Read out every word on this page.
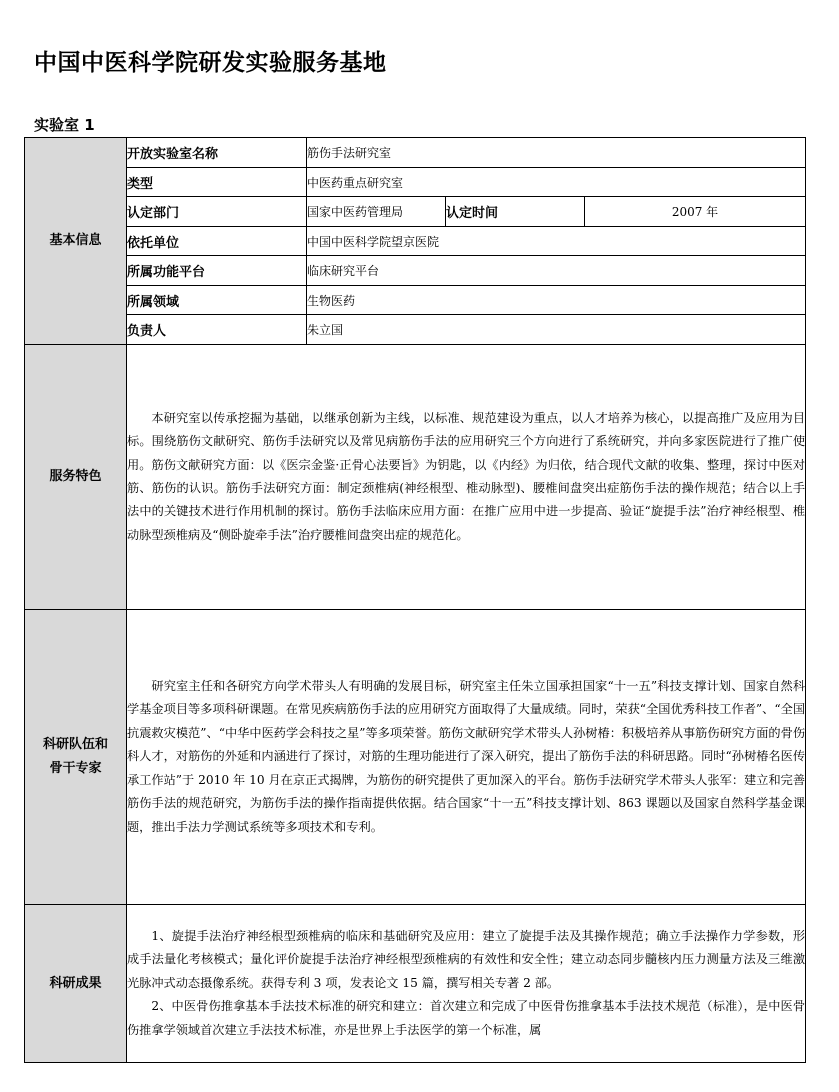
中国中医科学院研发实验服务基地
实验室 1
基本信息	开放实验室名称	筋伤手法研究室		
	类型	中医药重点研究室		
	认定部门	国家中医药管理局	认定时间	2007 年
	依托单位	中国中医科学院望京医院		
	所属功能平台	临床研究平台		
	所属领域	生物医药		
	负责人	朱立国		
服务特色	本研究室以传承挖掘为基础，以继承创新为主线，以标准、规范建设为重点，以人才培养为核心，以提高推广及应用为目标。围绕筋伤文献研究、筋伤手法研究以及常见病筋伤手法的应用研究三个方向进行了系统研究，并向多家医院进行了推广使用。筋伤文献研究方面：以《医宗金鉴·正骨心法要旨》为钥匙，以《内经》为归依，结合现代文献的收集、整理，探讨中医对筋、筋伤的认识。筋伤手法研究方面：制定颈椎病(神经根型、椎动脉型)、腰椎间盘突出症筋伤手法的操作规范；结合以上手法中的关键技术进行作用机制的探讨。筋伤手法临床应用方面：在推广应用中进一步提高、验证“旋提手法”治疗神经根型、椎动脉型颈椎病及“侧卧旋牵手法”治疗腰椎间盘突出症的规范化。			

科研队伍和
骨干专家	研究室主任和各研究方向学术带头人有明确的发展目标，研究室主任朱立国承担国家“十一五”科技支撑计划、国家自然科学基金项目等多项科研课题。在常见疾病筋伤手法的应用研究方面取得了大量成绩。同时，荣获“全国优秀科技工作者”、“全国抗震救灾模范”、“中华中医药学会科技之星”等多项荣誉。筋伤文献研究学术带头人孙树椿：积极培养从事筋伤研究方面的骨伤科人才，对筋伤的外延和内涵进行了探讨，对筋的生理功能进行了深入研究，提出了筋伤手法的科研思路。同时“孙树椿名医传承工作站”于 2010 年 10 月在京正式揭牌，为筋伤的研究提供了更加深入的平台。筋伤手法研究学术带头人张军：建立和完善筋伤手法的规范研究，为筋伤手法的操作指南提供依据。结合国家“十一五”科技支撑计划、863 课题以及国家自然科学基金课题，推出手法力学测试系统等多项技术和专利。			

科研成果	1、旋提手法治疗神经根型颈椎病的临床和基础研究及应用：建立了旋提手法及其操作规范；确立手法操作力学参数，形成手法量化考核模式；量化评价旋提手法治疗神经根型颈椎病的有效性和安全性；建立动态同步髓核内压力测量方法及三维激光脉冲式动态摄像系统。获得专利 3 项，发表论文 15 篇，撰写相关专著 2 部。

2、中医骨伤推拿基本手法技术标准的研究和建立：首次建立和完成了中医骨伤推拿基本手法技术规范（标准），是中医骨伤推拿学领域首次建立手法技术标准，亦是世界上手法医学的第一个标准，属			
